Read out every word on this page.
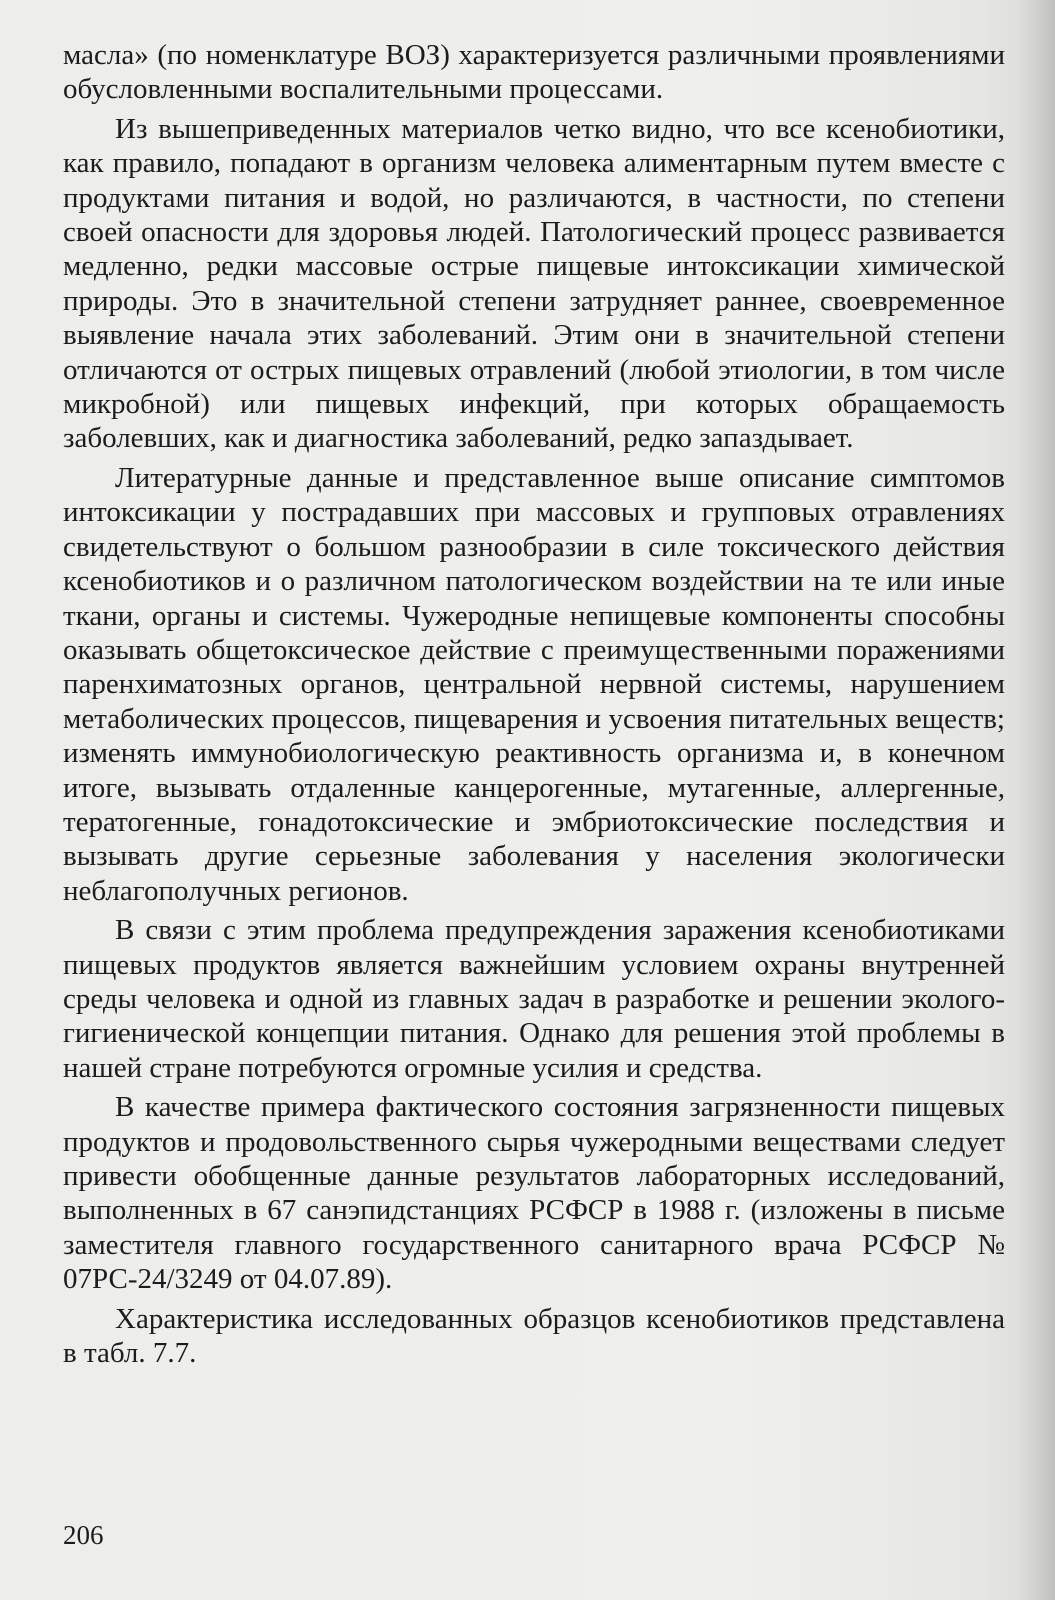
масла» (по номенклатуре ВОЗ) характеризуется различными проявлениями обусловленными воспалительными процессами.

Из вышеприведенных материалов четко видно, что все ксенобиотики, как правило, попадают в организм человека алиментарным путем вместе с продуктами питания и водой, но различаются, в частности, по степени своей опасности для здоровья людей. Патологический процесс развивается медленно, редки массовые острые пищевые интоксикации химической природы. Это в значительной степени затрудняет раннее, своевременное выявление начала этих заболеваний. Этим они в значительной степени отличаются от острых пищевых отравлений (любой этиологии, в том числе микробной) или пищевых инфекций, при которых обращаемость заболевших, как и диагностика заболеваний, редко запаздывает.

Литературные данные и представленное выше описание симптомов интоксикации у пострадавших при массовых и групповых отравлениях свидетельствуют о большом разнообразии в силе токсического действия ксенобиотиков и о различном патологическом воздействии на те или иные ткани, органы и системы. Чужеродные непищевые компоненты способны оказывать общетоксическое действие с преимущественными поражениями паренхиматозных органов, центральной нервной системы, нарушением метаболических процессов, пищеварения и усвоения питательных веществ; изменять иммунобиологическую реактивность организма и, в конечном итоге, вызывать отдаленные канцерогенные, мутагенные, аллергенные, тератогенные, гонадотоксические и эмбриотоксические последствия и вызывать другие серьезные заболевания у населения экологически неблагополучных регионов.

В связи с этим проблема предупреждения заражения ксенобиотиками пищевых продуктов является важнейшим условием охраны внутренней среды человека и одной из главных задач в разработке и решении эколого-гигиенической концепции питания. Однако для решения этой проблемы в нашей стране потребуются огромные усилия и средства.

В качестве примера фактического состояния загрязненности пищевых продуктов и продовольственного сырья чужеродными веществами следует привести обобщенные данные результатов лабораторных исследований, выполненных в 67 санэпидстанциях РСФСР в 1988 г. (изложены в письме заместителя главного государственного санитарного врача РСФСР № 07РС-24/3249 от 04.07.89).

Характеристика исследованных образцов ксенобиотиков представлена в табл. 7.7.

206
